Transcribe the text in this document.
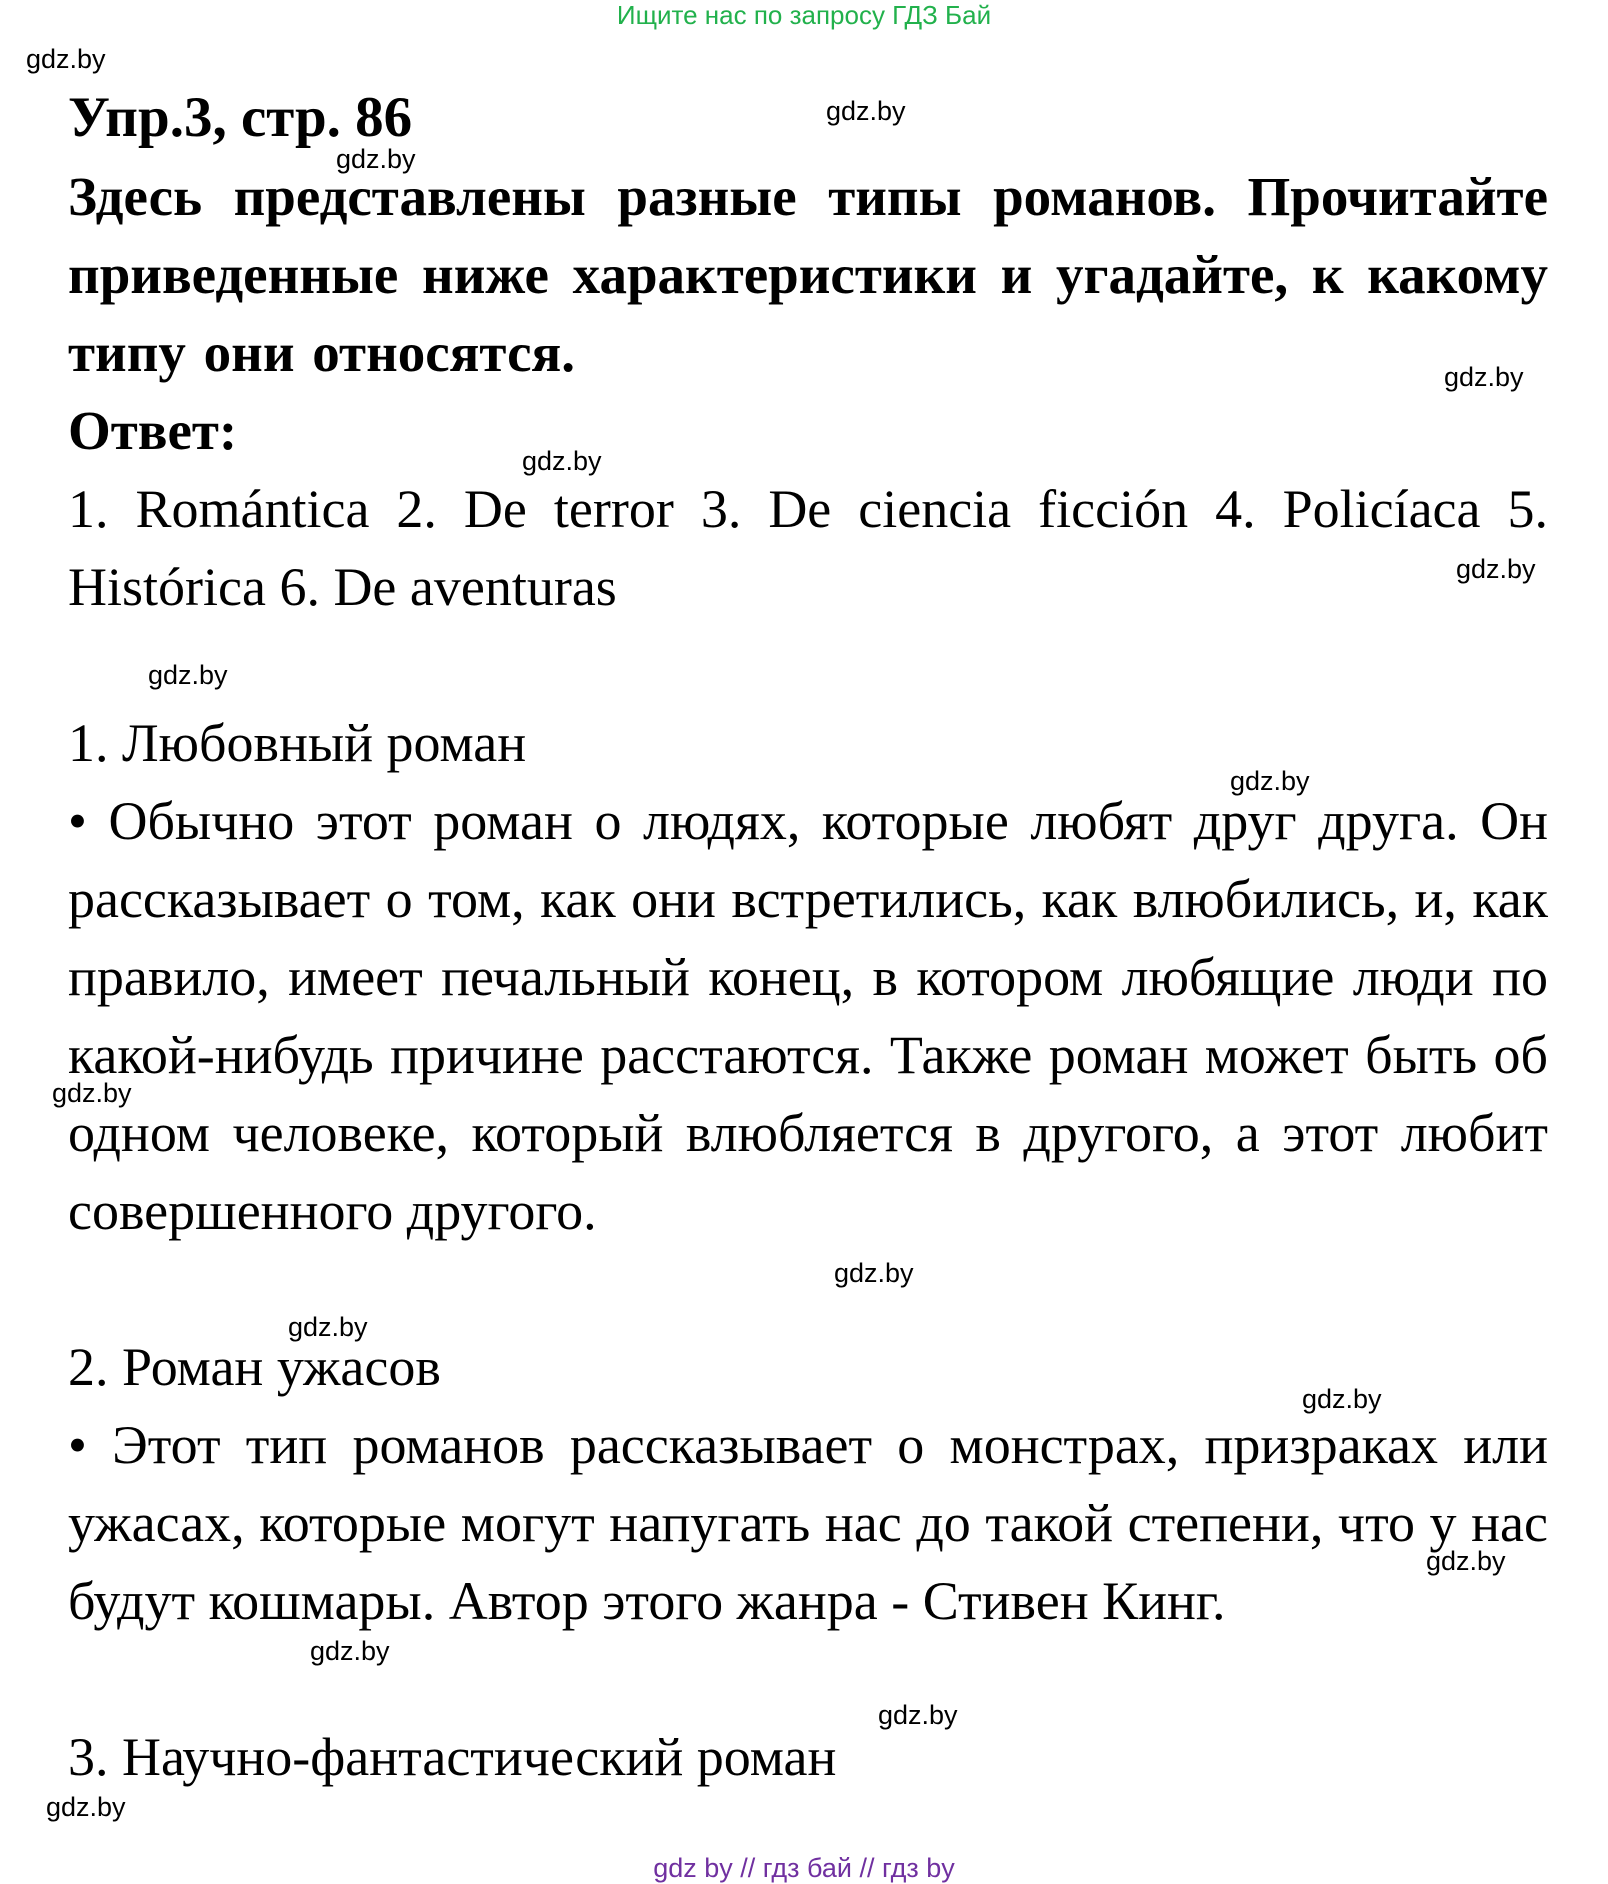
Ищите нас по запросу ГДЗ Бай
Упр.3, стр. 86
Здесь представлены разные типы романов. Прочитайте приведенные ниже характеристики и угадайте, к какому типу они относятся.
Ответ:
1. Romántica 2. De terror 3. De ciencia ficción 4. Policíaca 5. Histórica 6. De aventuras
1. Любовный роман
• Обычно этот роман о людях, которые любят друг друга. Он рассказывает о том, как они встретились, как влюбились, и, как правило, имеет печальный конец, в котором любящие люди по какой-нибудь причине расстаются. Также роман может быть об одном человеке, который влюбляется в другого, а этот любит совершенного другого.
2. Роман ужасов
• Этот тип романов рассказывает о монстрах, призраках или ужасах, которые могут напугать нас до такой степени, что у нас будут кошмары. Автор этого жанра - Стивен Кинг.
3. Научно-фантастический роман
gdz.by
gdz.by
gdz.by
gdz.by
gdz.by
gdz.by
gdz.by
gdz.by
gdz.by
gdz.by
gdz.by
gdz.by
gdz.by
gdz.by
gdz.by
gdz.by
gdz by // гдз бай // гдз by
